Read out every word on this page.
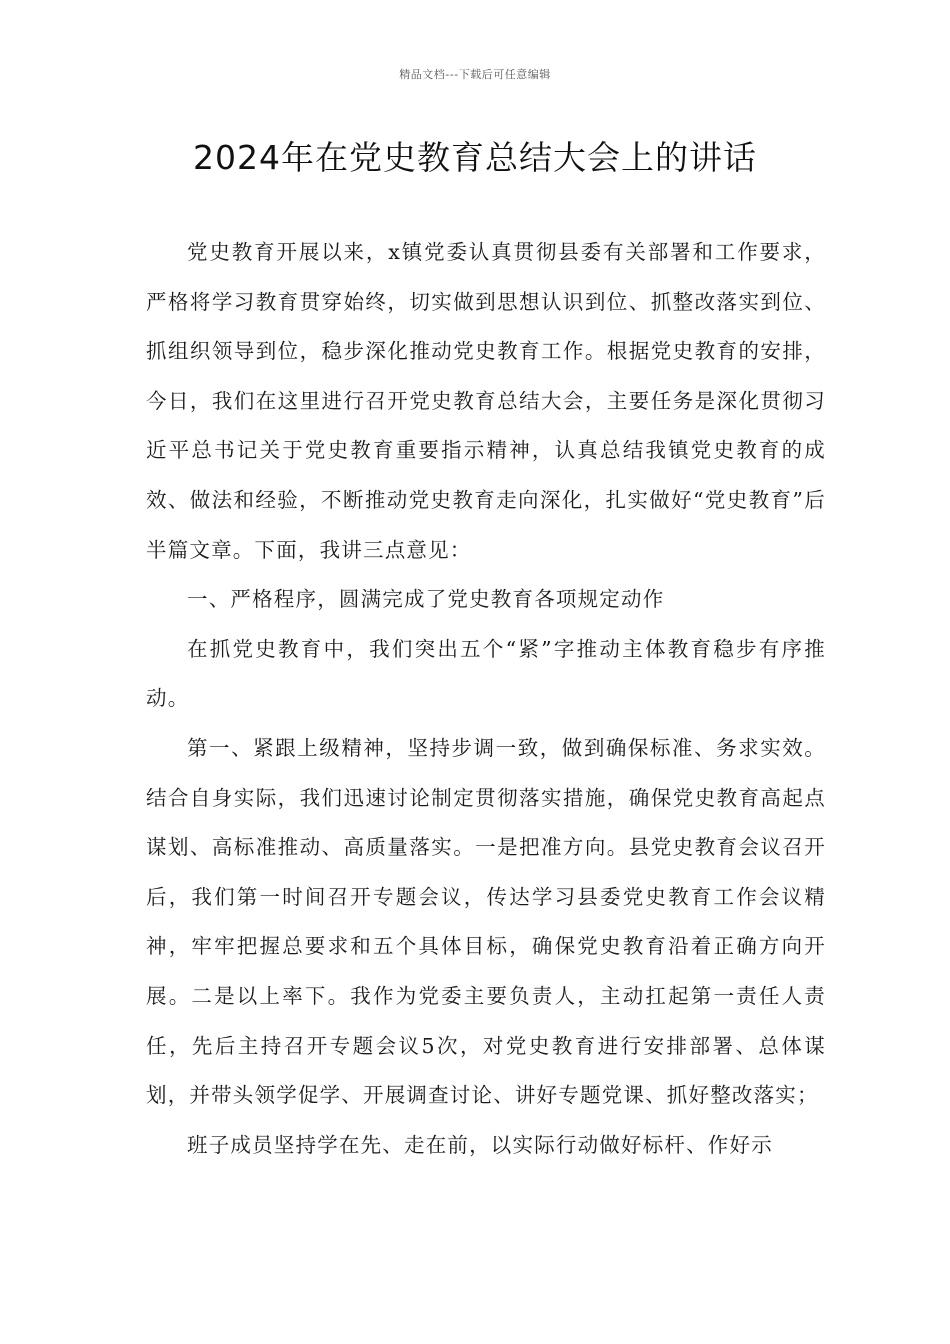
精品文档---下载后可任意编辑
2024年在党史教育总结大会上的讲话

党史教育开展以来，x镇党委认真贯彻县委有关部署和工作要求，严格将学习教育贯穿始终，切实做到思想认识到位、抓整改落实到位、抓组织领导到位，稳步深化推动党史教育工作。根据党史教育的安排，今日，我们在这里进行召开党史教育总结大会，主要任务是深化贯彻习近平总书记关于党史教育重要指示精神，认真总结我镇党史教育的成效、做法和经验，不断推动党史教育走向深化，扎实做好“党史教育”后半篇文章。下面，我讲三点意见：

一、严格程序，圆满完成了党史教育各项规定动作

在抓党史教育中，我们突出五个“紧”字推动主体教育稳步有序推动。

第一、紧跟上级精神，坚持步调一致，做到确保标准、务求实效。结合自身实际，我们迅速讨论制定贯彻落实措施，确保党史教育高起点谋划、高标准推动、高质量落实。一是把准方向。县党史教育会议召开后，我们第一时间召开专题会议，传达学习县委党史教育工作会议精神，牢牢把握总要求和五个具体目标，确保党史教育沿着正确方向开展。二是以上率下。我作为党委主要负责人，主动扛起第一责任人责任，先后主持召开专题会议5次，对党史教育进行安排部署、总体谋划，并带头领学促学、开展调查讨论、讲好专题党课、抓好整改落实；

班子成员坚持学在先、走在前，以实际行动做好标杆、作好示
